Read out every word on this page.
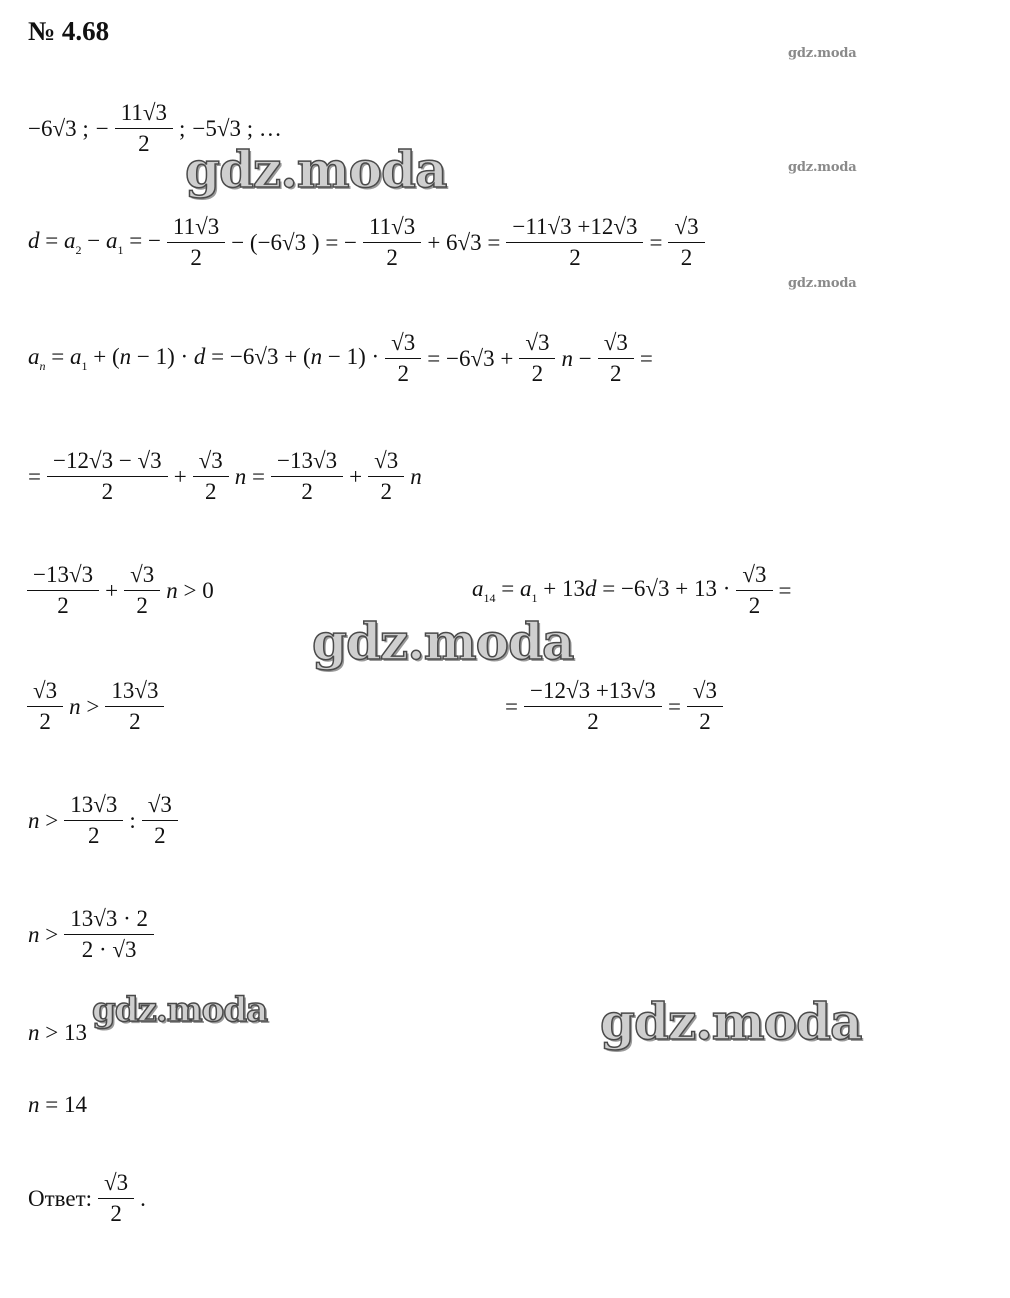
№ 4.68
gdz.moda
gdz.moda
gdz.moda
gdz.moda
gdz.moda
gdz.moda	gdz.moda
−6√3 ; − $\frac{11√3}{2}$ ; −5√3 ; …
$d = a_2 - a_1$ = − $\frac{11√3}{2} - (-6√3$ ) = − $\frac{11√3}{2} + 6√3 = \frac{-11√3 +12√3}{2} = \frac{√3}{2}$
$a_n = a_1 + (n - 1) \cdot d = -6√3 + (n - 1) \cdot \frac{√3}{2} = -6√3 + \frac{√3}{2}$ $n - \frac{√3}{2}$ =
= $\frac{-12√3 - √3}{2} + \frac{√3}{2}$ $n = \frac{-13√3}{2} + \frac{√3}{2}$ n
$\frac{-13√3}{2} + \frac{√3}{2}$ n > 0	$a_{14} = a_1 + 13d = -6√3 + 13 \cdot \frac{√3}{2}$ =
$\frac{√3}{2}$ $n > \frac{13√3}{2}$	= $\frac{-12√3 +13√3}{2} = \frac{√3}{2}$
$n > \frac{13√3}{2}$ : $\frac{√3}{2}$
$n > \frac{13√3 \cdot 2}{2 \cdot √3}$
n > 13
n = 14
Ответ: $\frac{√3}{2}$ .
